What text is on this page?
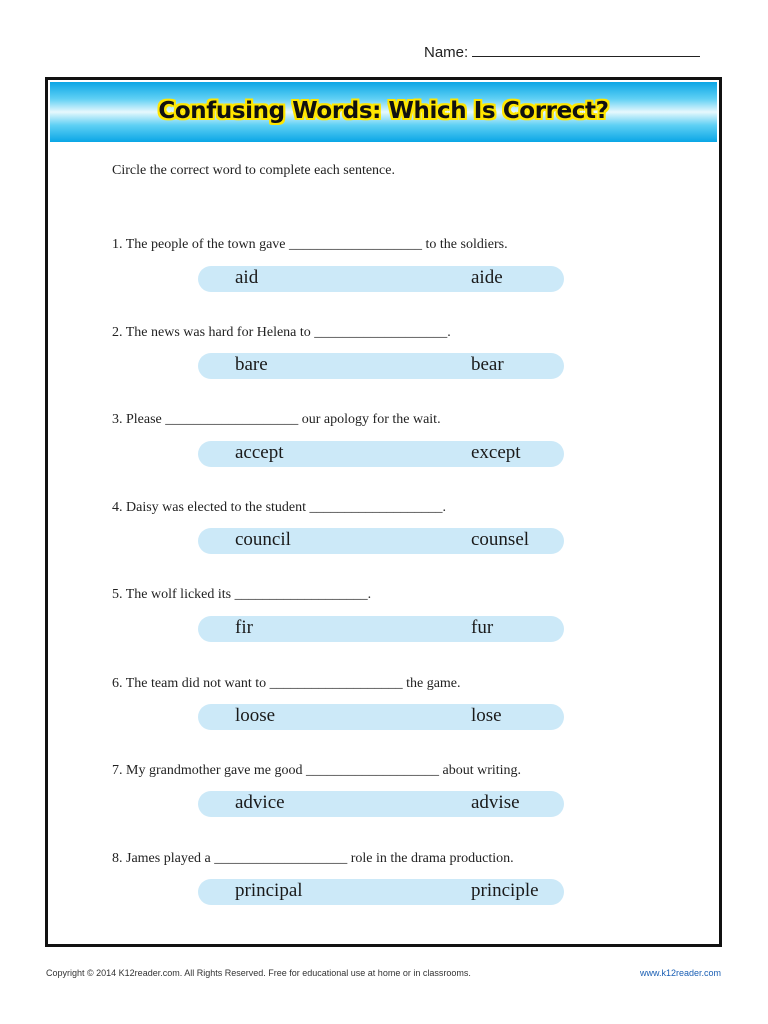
Name:
Confusing Words: Which Is Correct?
Circle the correct word to complete each sentence.
1. The people of the town gave ___________________ to the soldiers.
aid	aide
2. The news was hard for Helena to ___________________.
bare	bear
3. Please ___________________ our apology for the wait.
accept	except
4. Daisy was elected to the student ___________________.
council	counsel
5. The wolf licked its ___________________.
fir	fur
6. The team did not want to ___________________ the game.
loose	lose
7. My grandmother gave me good ___________________ about writing.
advice	advise
8. James played a ___________________ role in the drama production.
principal	principle
Copyright © 2014 K12reader.com. All Rights Reserved. Free for educational use at home or in classrooms.	www.k12reader.com
